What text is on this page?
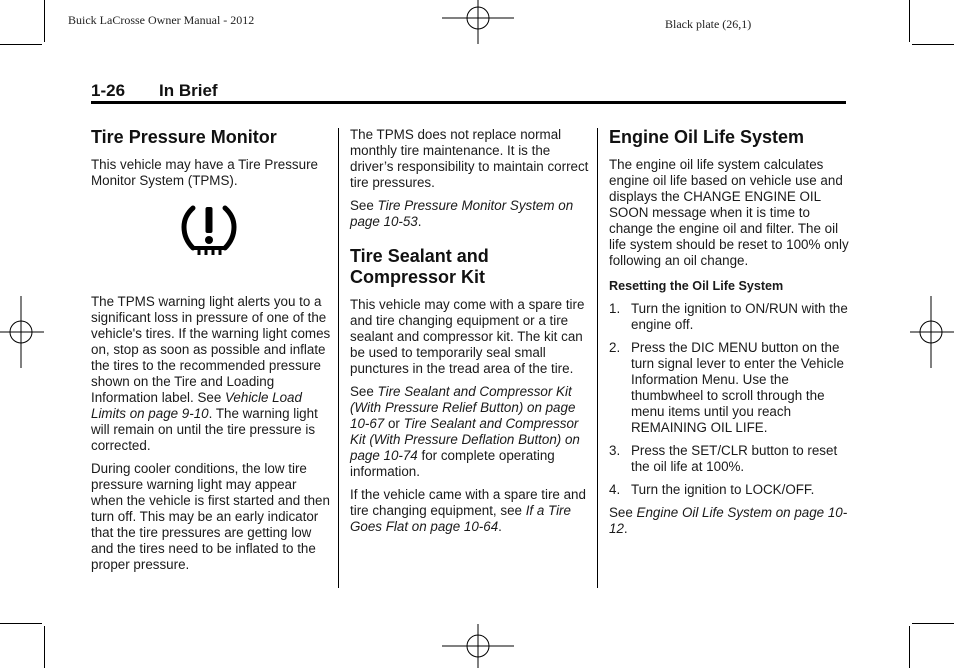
Buick LaCrosse Owner Manual - 2012	Black plate (26,1)
1-26 In Brief
Tire Pressure Monitor

This vehicle may have a Tire Pressure Monitor System (TPMS).

The TPMS warning light alerts you to a significant loss in pressure of one of the vehicle's tires. If the warning light comes on, stop as soon as possible and inflate the tires to the recommended pressure shown on the Tire and Loading Information label. See Vehicle Load Limits on page 9-10. The warning light will remain on until the tire pressure is corrected.

During cooler conditions, the low tire pressure warning light may appear when the vehicle is first started and then turn off. This may be an early indicator that the tire pressures are getting low and the tires need to be inflated to the proper pressure.

The TPMS does not replace normal monthly tire maintenance. It is the driver’s responsibility to maintain correct tire pressures.

See Tire Pressure Monitor System on page 10-53.

Tire Sealant and Compressor Kit

This vehicle may come with a spare tire and tire changing equipment or a tire sealant and compressor kit. The kit can be used to temporarily seal small punctures in the tread area of the tire.

See Tire Sealant and Compressor Kit (With Pressure Relief Button) on page 10-67 or Tire Sealant and Compressor Kit (With Pressure Deflation Button) on page 10-74 for complete operating information.

If the vehicle came with a spare tire and tire changing equipment, see If a Tire Goes Flat on page 10-64.

Engine Oil Life System

The engine oil life system calculates engine oil life based on vehicle use and displays the CHANGE ENGINE OIL SOON message when it is time to change the engine oil and filter. The oil life system should be reset to 100% only following an oil change.

Resetting the Oil Life System
1. Turn the ignition to ON/RUN with the engine off.
2. Press the DIC MENU button on the turn signal lever to enter the Vehicle Information Menu. Use the thumbwheel to scroll through the menu items until you reach REMAINING OIL LIFE.
3. Press the SET/CLR button to reset the oil life at 100%.
4. Turn the ignition to LOCK/OFF.

See Engine Oil Life System on page 10-12.
